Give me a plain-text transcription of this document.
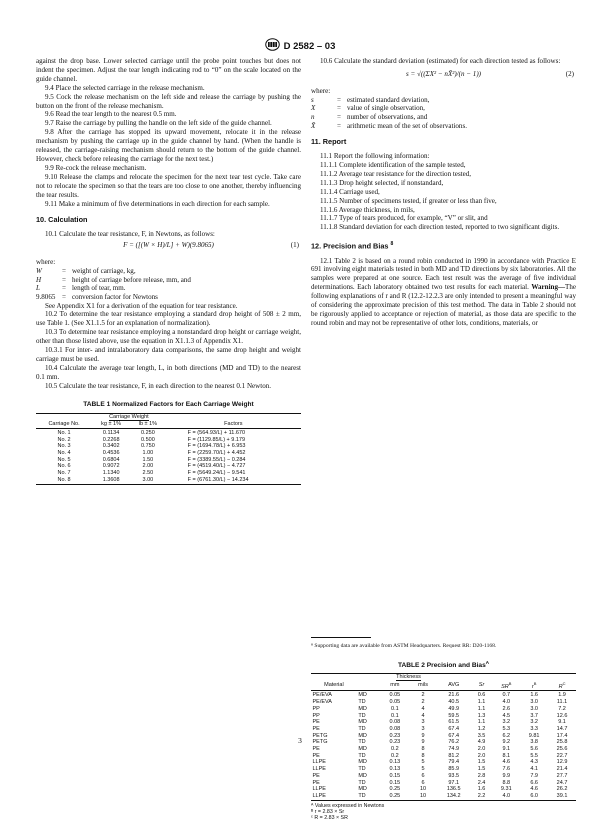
D 2582 – 03

against the drop base. Lower selected carriage until the probe point touches but does not indent the specimen. Adjust the tear length indicating rod to “0” on the scale located on the guide channel.

9.4 Place the selected carriage in the release mechanism.

9.5 Cock the release mechanism on the left side and release the carriage by pushing the button on the front of the release mechanism.

9.6 Read the tear length to the nearest 0.5 mm.

9.7 Raise the carriage by pulling the handle on the left side of the guide channel.

9.8 After the carriage has stopped its upward movement, relocate it in the release mechanism by pushing the carriage up in the guide channel by hand. (When the handle is released, the carriage-raising mechanism should return to the bottom of the guide channel. However, check before releasing the carriage for the next test.)

9.9 Re-cock the release mechanism.

9.10 Release the clamps and relocate the specimen for the next tear test cycle. Take care not to relocate the specimen so that the tears are too close to one another, thereby influencing the tear results.

9.11 Make a minimum of five determinations in each direction for each sample.

10. Calculation

10.1 Calculate the tear resistance, F, in Newtons, as follows:

F = ([(W × H)/L] + W)(9.8065)	(1)
where:
W	= weight of carriage, kg,
H	= height of carriage before release, mm, and
L	= length of tear, mm.
9.8065 = conversion factor for Newtons

See Appendix X1 for a derivation of the equation for tear resistance.

10.2 To determine the tear resistance employing a standard drop height of 508 ± 2 mm, use Table 1. (See X1.1.5 for an explanation of normalization).

10.3 To determine tear resistance employing a nonstandard drop height or carriage weight, other than those listed above, use the equation in X1.1.3 of Appendix X1.

10.3.1 For inter- and intralaboratory data comparisons, the same drop height and weight carriage must be used.

10.4 Calculate the average tear length, L, in both directions (MD and TD) to the nearest 0.1 mm.

10.5 Calculate the tear resistance, F, in each direction to the nearest 0.1 Newton.

TABLE 1 Normalized Factors for Each Carriage Weight
	Carriage Weight		
Carriage No.	kg ± 1%	lb ± 1%	Factors
No. 1	0.1134	0.250	F = (564.93/L) + 11.670
No. 2	0.2268	0.500	F = (1129.85/L) + 9.179
No. 3	0.3402	0.750	F = (1694.78/L) + 6.953
No. 4	0.4536	1.00	F = (2259.70/L) + 4.452
No. 5	0.6804	1.50	F = (3389.55/L) − 0.284
No. 6	0.9072	2.00	F = (4519.40/L) − 4.727
No. 7	1.1340	2.50	F = (5649.24/L) − 9.541
No. 8	1.3608	3.00	F = (6761.30/L) − 14.234

10.6 Calculate the standard deviation (estimated) for each direction tested as follows:

s = √((ΣX² − nX̄²)/(n − 1))	(2)
where:
s	= estimated standard deviation,
X	= value of single observation,
n	= number of observations, and
X̄	= arithmetic mean of the set of observations.
11. Report

11.1 Report the following information:

11.1.1 Complete identification of the sample tested,

11.1.2 Average tear resistance for the direction tested,

11.1.3 Drop height selected, if nonstandard,

11.1.4 Carriage used,

11.1.5 Number of specimens tested, if greater or less than five,

11.1.6 Average thickness, in mils,

11.1.7 Type of tears produced, for example, “V” or slit, and

11.1.8 Standard deviation for each direction tested, reported to two significant digits.

12. Precision and Bias $^8$

12.1 Table 2 is based on a round robin conducted in 1990 in accordance with Practice E 691 involving eight materials tested in both MD and TD directions by six laboratories. All the samples were prepared at one source. Each test result was the average of five individual determinations. Each laboratory obtained two test results for each material. Warning—The following explanations of r and R (12.2-12.2.3 are only intended to present a meaningful way of considering the approximate precision of this test method. The data in Table 2 should not be rigorously applied to acceptance or rejection of material, as those data are specific to the round robin and may not be representative of other lots, conditions, materials, or

⁸ Supporting data are available from ASTM Headquarters. Request RR: D20-1168.

TABLE 2 Precision and Bias$^A$
		Thickness						
Material		mm	mils	AVG	Sr	$SR^B$	$r^B$	$R^C$
PE/EVA	MD	0.05	2	21.6	0.6	0.7	1.6	1.9
PE/EVA	TD	0.05	2	40.5	1.1	4.0	3.0	11.1
PP	MD	0.1	4	49.9	1.1	2.6	3.0	7.2
PP	TD	0.1	4	59.5	1.3	4.5	3.7	12.6
PE	MD	0.08	3	61.5	1.1	3.2	3.2	9.1
PE	TD	0.08	3	67.4	1.2	5.3	3.3	14.7
PETG	MD	0.23	9	67.4	3.5	6.2	9.81	17.4
PETG	TD	0.23	9	76.2	4.9	9.2	3.8	25.8
PE	MD	0.2	8	74.9	2.0	9.1	5.6	25.6
PE	TD	0.2	8	81.2	2.0	8.1	5.5	22.7
LLPE	MD	0.13	5	79.4	1.5	4.6	4.3	12.9
LLPE	TD	0.13	5	85.9	1.5	7.6	4.1	21.4
PE	MD	0.15	6	93.5	2.8	9.9	7.9	27.7
PE	TD	0.15	6	97.1	2.4	8.8	6.6	24.7
LLPE	MD	0.25	10	136.5	1.6	9.31	4.6	26.2
LLPE	TD	0.25	10	134.2	2.2	4.0	6.0	39.1
ᴬ Values expressed in Newtons
ᴮ r = 2.83 × Sr
ᶜ R = 2.83 × SR
3
